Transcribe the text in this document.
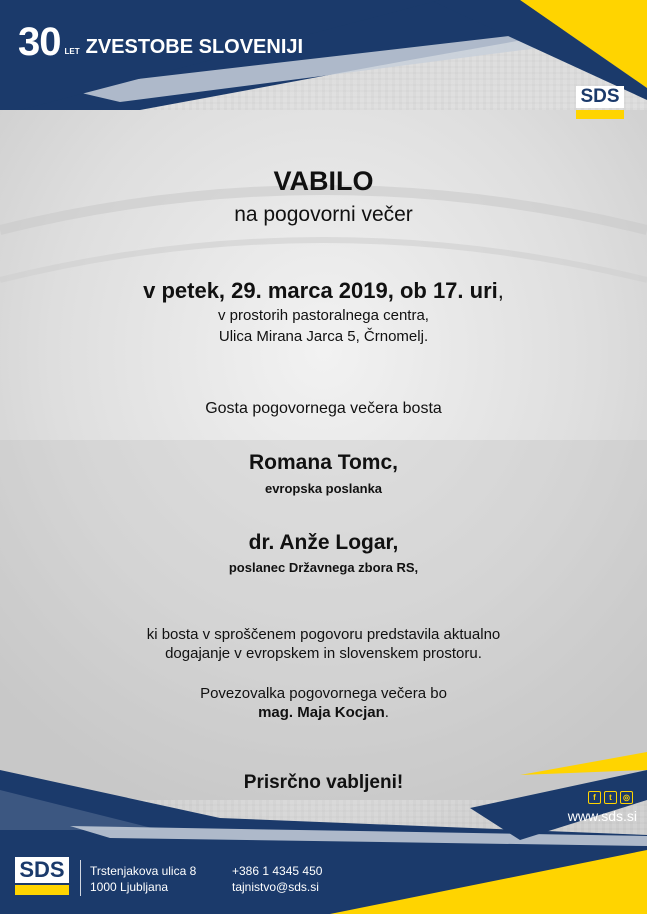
30 LET ZVESTOBE SLOVENIJI
SDS
VABILO
na pogovorni večer
v petek, 29. marca 2019, ob 17. uri,
v prostorih pastoralnega centra,
Ulica Mirana Jarca 5, Črnomelj.
Gosta pogovornega večera bosta
Romana Tomc,
evropska poslanka
dr. Anže Logar,
poslanec Državnega zbora RS,
ki bosta v sproščenem pogovoru predstavila aktualno
dogajanje v evropskem in slovenskem prostoru.
Povezovalka pogovornega večera bo
mag. Maja Kocjan.
Prisrčno vabljeni!
f	t	◎
www.sds.si
SDS	Trstenjakova ulica 8
1000 Ljubljana
+386 1 4345 450
tajnistvo@sds.si
